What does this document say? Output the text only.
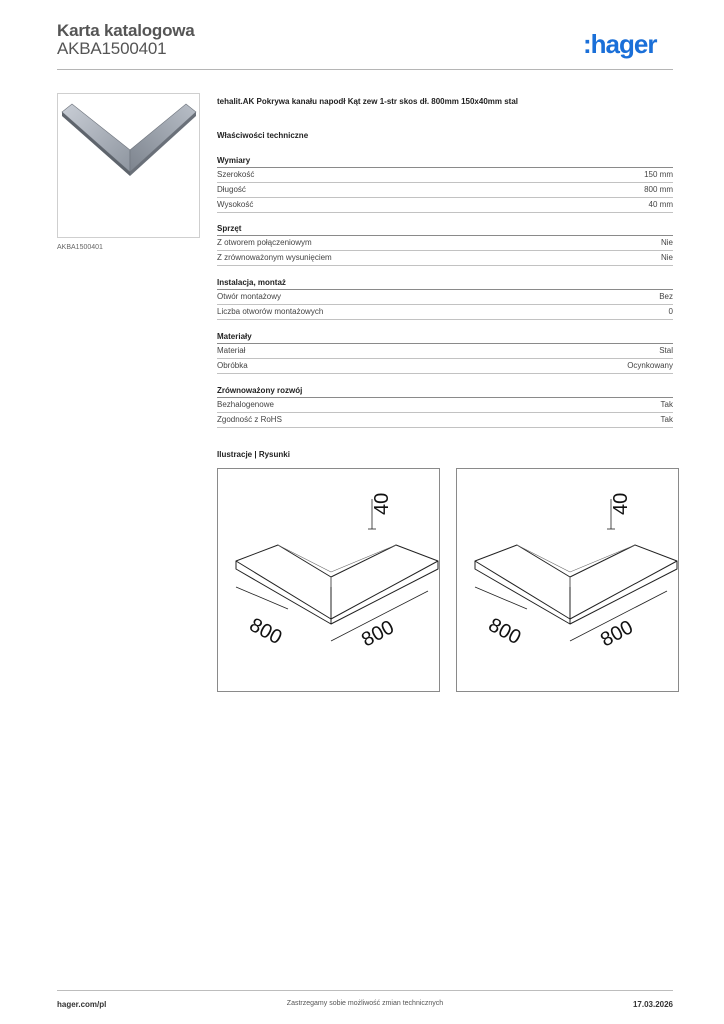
Karta katalogowa
AKBA1500401	:hager
AKBA1500401
tehalit.AK Pokrywa kanału napodł Kąt zew 1-str skos dł. 800mm 150x40mm stal
Właściwości techniczne
Wymiary
Szerokość	150 mm
Długość	800 mm
Wysokość	40 mm
Sprzęt
Z otworem połączeniowym	Nie
Z zrównoważonym wysunięciem	Nie
Instalacja, montaż
Otwór montażowy	Bez
Liczba otworów montażowych	0
Materiały
Materiał	Stal
Obróbka	Ocynkowany
Zrównoważony rozwój
Bezhalogenowe	Tak
Zgodność z RoHS	Tak
Ilustracje | Rysunki
40
800	800
40
800	800
hager.com/pl	Zastrzegamy sobie możliwość zmian technicznych	17.03.2026
